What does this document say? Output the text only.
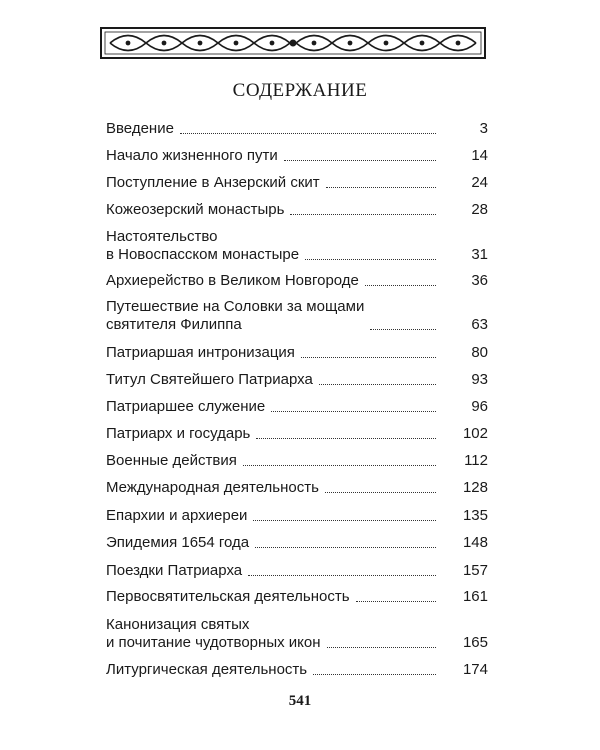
СОДЕРЖАНИЕ
Введение	3
Начало жизненного пути	14
Поступление в Анзерский скит	24
Кожеозерский монастырь	28
Настоятельство
в Новоспасском монастыре	31
Архиерейство в Великом Новгороде	36
Путешествие на Соловки за мощами
святителя Филиппа	63
Патриаршая интронизация	80
Титул Святейшего Патриарха	93
Патриаршее служение	96
Патриарх и государь	102
Военные действия	112
Международная деятельность	128
Епархии и архиереи	135
Эпидемия 1654 года	148
Поездки Патриарха	157
Первосвятительская деятельность	161
Канонизация святых
и почитание чудотворных икон	165
Литургическая деятельность	174
541
